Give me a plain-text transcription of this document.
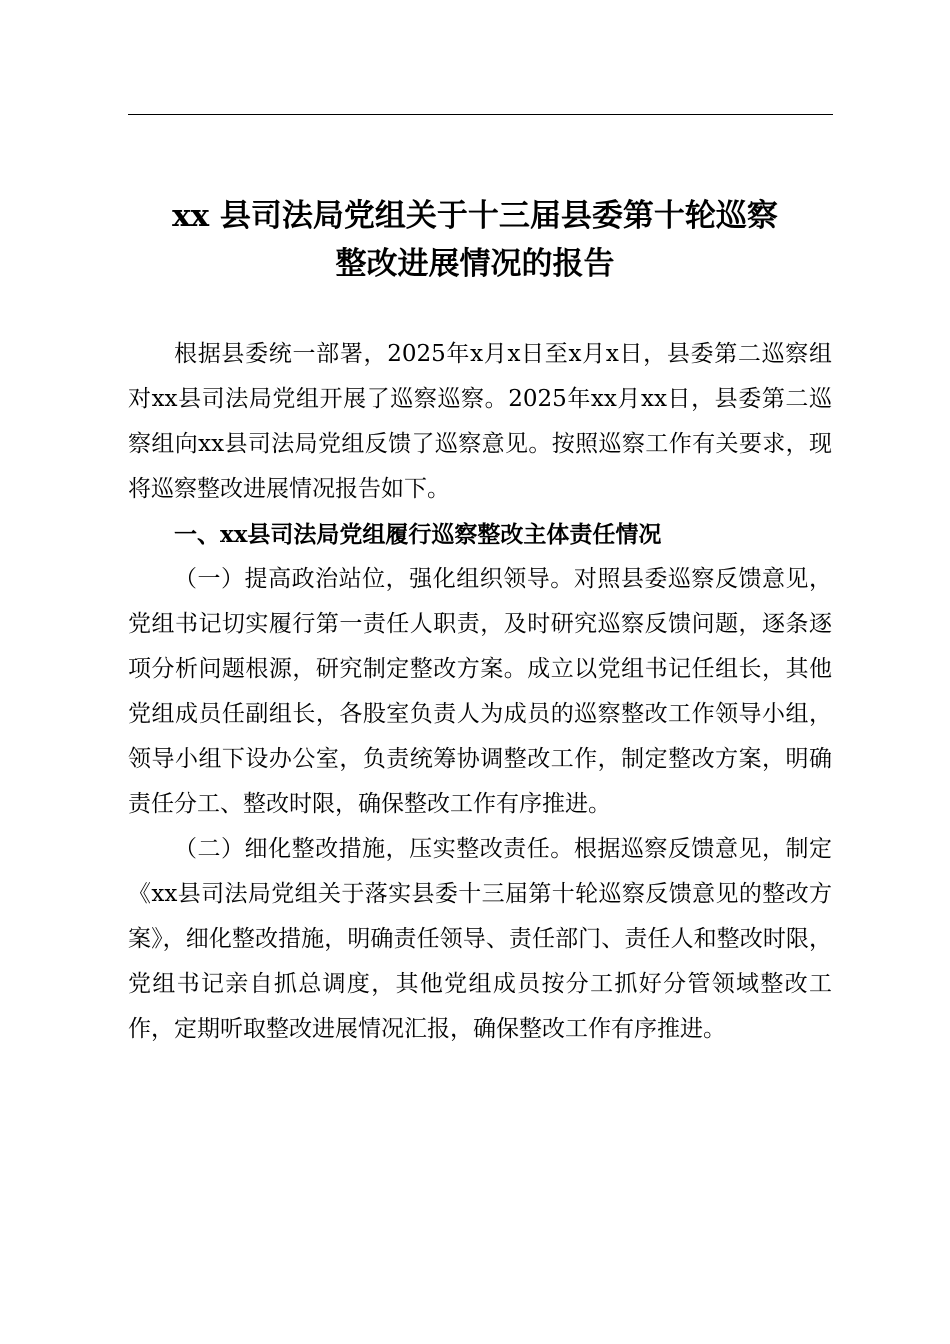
xx 县司法局党组关于十三届县委第十轮巡察
整改进展情况的报告

根据县委统一部署，2025年x月x日至x月x日，县委第二巡察组对xx县司法局党组开展了巡察巡察。2025年xx月xx日，县委第二巡察组向xx县司法局党组反馈了巡察意见。按照巡察工作有关要求，现将巡察整改进展情况报告如下。

一、xx县司法局党组履行巡察整改主体责任情况

（一）提高政治站位，强化组织领导。对照县委巡察反馈意见，党组书记切实履行第一责任人职责，及时研究巡察反馈问题，逐条逐项分析问题根源，研究制定整改方案。成立以党组书记任组长，其他党组成员任副组长，各股室负责人为成员的巡察整改工作领导小组，领导小组下设办公室，负责统筹协调整改工作，制定整改方案，明确责任分工、整改时限，确保整改工作有序推进。

（二）细化整改措施，压实整改责任。根据巡察反馈意见，制定《xx县司法局党组关于落实县委十三届第十轮巡察反馈意见的整改方案》，细化整改措施，明确责任领导、责任部门、责任人和整改时限，党组书记亲自抓总调度，其他党组成员按分工抓好分管领域整改工作，定期听取整改进展情况汇报，确保整改工作有序推进。
